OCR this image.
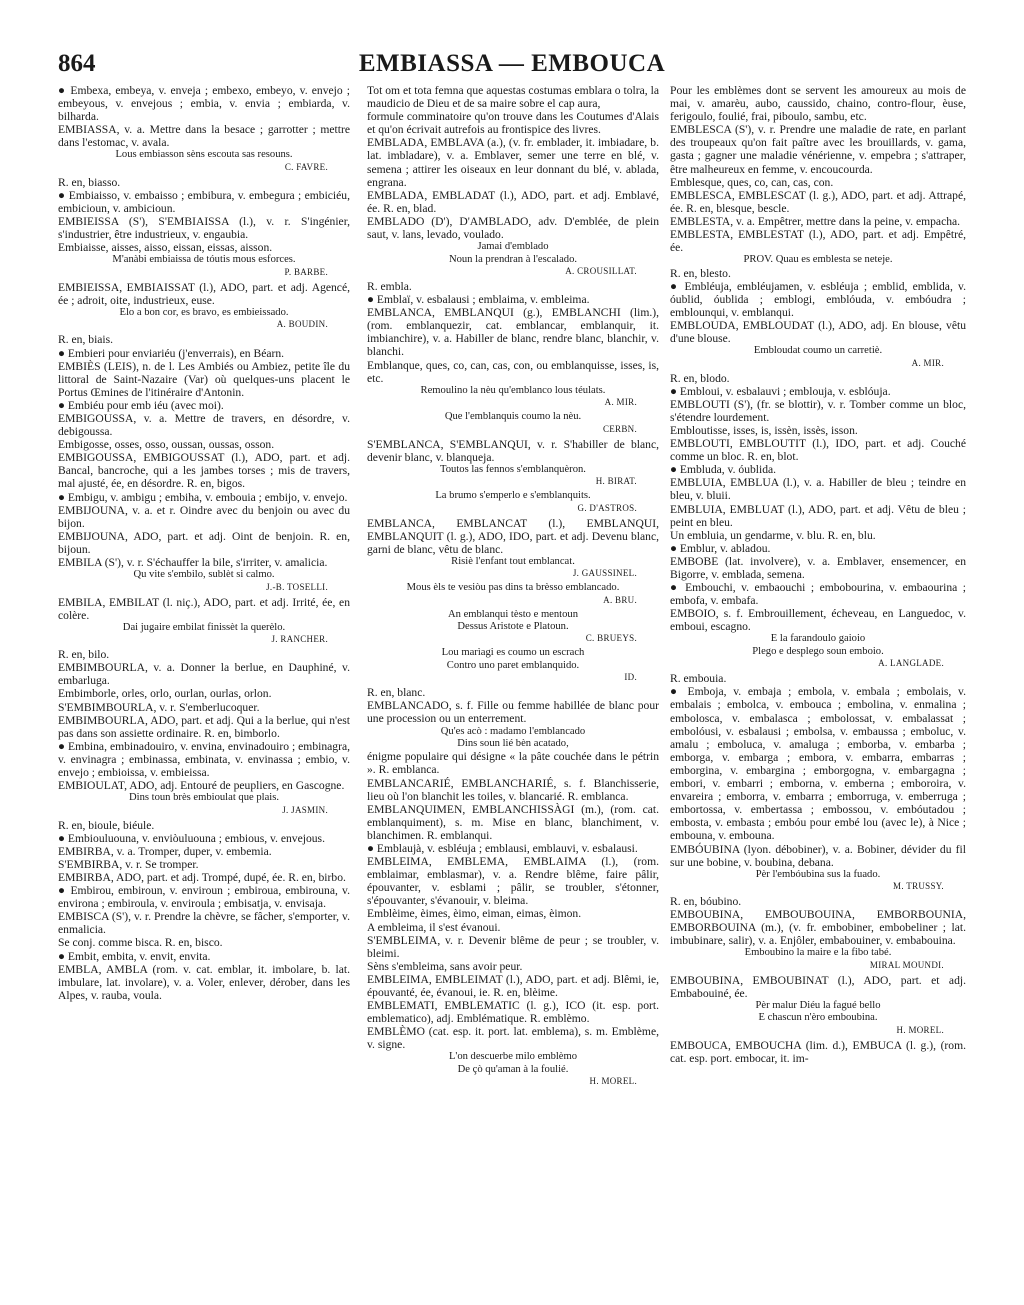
864	EMBIASSA — EMBOUCA
● Embexa, embeya, v. enveja ; embexo, embeyo, v. envejo ; embeyous, v. envejous ; embia, v. envia ; embiarda, v. bilharda.
EMBIASSA, v. a. Mettre dans la besace ; garrotter ; mettre dans l'estomac, v. avala.
Lous embiasson sèns escouta sas resouns.
C. FAVRE.
R. en, biasso.
● Embiaisso, v. embaisso ; embibura, v. embegura ; embiciéu, embicioun, v. ambicioun.
EMBIEISSA (S'), S'EMBIAISSA (l.), v. r. S'ingénier, s'industrier, être industrieux, v. engaubia.
Embiaisse, aisses, aisso, eissan, eissas, aisson.
M'anàbi embiaissa de tóutis mous esforces.
P. BARBE.
EMBIEISSA, EMBIAISSAT (l.), ADO, part. et adj. Agencé, ée ; adroit, oite, industrieux, euse.
Elo a bon cor, es bravo, es embieissado.
A. BOUDIN.
R. en, biais.
● Embieri pour enviariéu (j'enverrais), en Béarn.
EMBIÈS (LEIS), n. de l. Les Ambiés ou Ambiez, petite île du littoral de Saint-Nazaire (Var) où quelques-uns placent le Portus Œmines de l'itinéraire d'Antonin.
● Embiéu pour emb iéu (avec moi).
EMBIGOUSSA, v. a. Mettre de travers, en désordre, v. debigoussa.
Embigosse, osses, osso, oussan, oussas, osson.
EMBIGOUSSA, EMBIGOUSSAT (l.), ADO, part. et adj. Bancal, bancroche, qui a les jambes torses ; mis de travers, mal ajusté, ée, en désordre. R. en, bigos.
● Embigu, v. ambigu ; embiha, v. embouia ; embijo, v. envejo.
EMBIJOUNA, v. a. et r. Oindre avec du benjoin ou avec du bijon.
EMBIJOUNA, ADO, part. et adj. Oint de benjoin. R. en, bijoun.
EMBILA (S'), v. r. S'échauffer la bile, s'irriter, v. amalicia.
Qu vite s'embilo, sublèt si calmo.
J.-B. TOSELLI.
EMBILA, EMBILAT (l. niç.), ADO, part. et adj. Irrité, ée, en colère.
Dai jugaire embilat finissèt la querèlo.
J. RANCHER.
R. en, bilo.
EMBIMBOURLA, v. a. Donner la berlue, en Dauphiné, v. embarluga.
Embimborle, orles, orlo, ourlan, ourlas, orlon.
S'EMBIMBOURLA, v. r. S'emberlucoquer.
EMBIMBOURLA, ADO, part. et adj. Qui a la berlue, qui n'est pas dans son assiette ordinaire. R. en, bimborlo.
● Embina, embinadouiro, v. envina, envinadouiro ; embinagra, v. envinagra ; embinassa, embinata, v. envinassa ; embio, v. envejo ; embioissa, v. embieissa.
EMBIOULAT, ADO, adj. Entouré de peupliers, en Gascogne.
Dins toun brès embioulat que plais.
J. JASMIN.
R. en, bioule, biéule.
● Embiouluouna, v. enviòuluouna ; embious, v. envejous.
EMBIRBA, v. a. Tromper, duper, v. embemia.
S'EMBIRBA, v. r. Se tromper.
EMBIRBA, ADO, part. et adj. Trompé, dupé, ée. R. en, birbo.
● Embirou, embiroun, v. enviroun ; embiroua, embirouna, v. environa ; embiroula, v. enviroula ; embisatja, v. envisaja.
EMBISCA (S'), v. r. Prendre la chèvre, se fâcher, s'emporter, v. enmalicia.
Se conj. comme bisca. R. en, bisco.
● Embit, embita, v. envit, envita.
EMBLA, AMBLA (rom. v. cat. emblar, it. imbolare, b. lat. imbulare, lat. involare), v. a. Voler, enlever, dérober, dans les Alpes, v. rauba, voula.
Tot om et tota femna que aquestas costumas emblara o tolra, la maudicio de Dieu et de sa maire sobre el cap aura,
formule comminatoire qu'on trouve dans les Coutumes d'Alais et qu'on écrivait autrefois au frontispice des livres.
EMBLADA, EMBLAVA (a.), (v. fr. emblader, it. imbiadare, b. lat. imbladare), v. a. Emblaver, semer une terre en blé, v. semena ; attirer les oiseaux en leur donnant du blé, v. ablada, engrana.
EMBLADA, EMBLADAT (l.), ADO, part. et adj. Emblavé, ée. R. en, blad.
EMBLADO (D'), D'AMBLADO, adv. D'emblée, de plein saut, v. lans, levado, voulado.
Jamai d'emblado
Noun la prendran à l'escalado.
A. CROUSILLAT.
R. embla.
● Emblaï, v. esbalausi ; emblaima, v. embleima.
EMBLANCA, EMBLANQUI (g.), EMBLANCHI (lim.), (rom. emblanquezir, cat. emblancar, emblanquir, it. imbianchire), v. a. Habiller de blanc, rendre blanc, blanchir, v. blanchi.
Emblanque, ques, co, can, cas, con, ou emblanquisse, isses, is, etc.
Remoulino la nèu qu'emblanco lous téulats.
A. MIR.
Que l'emblanquis coumo la nèu.
CERBN.
S'EMBLANCA, S'EMBLANQUI, v. r. S'habiller de blanc, devenir blanc, v. blanqueja.
Toutos las fennos s'emblanquèron.
H. BIRAT.
La brumo s'emperlo e s'emblanquits.
G. D'ASTROS.
EMBLANCA, EMBLANCAT (l.), EMBLANQUI, EMBLANQUIT (l. g.), ADO, IDO, part. et adj. Devenu blanc, garni de blanc, vêtu de blanc.
Risiè l'enfant tout emblancat.
J. GAUSSINEL.
Mous èls te vesiòu pas dins ta brèsso emblancado.
A. BRU.
An emblanqui tèsto e mentoun
Dessus Aristote e Platoun.
C. BRUEYS.
Lou marìagi es coumo un escrach
Contro uno paret emblanquido.
ID.
R. en, blanc.
EMBLANCADO, s. f. Fille ou femme habillée de blanc pour une procession ou un enterrement.
Qu'es acò : madamo l'emblancado
Dins soun lié bèn acatado,
énigme populaire qui désigne « la pâte couchée dans le pétrin ». R. emblanca.
EMBLANCARIÉ, EMBLANCHARIÉ, s. f. Blanchisserie, lieu où l'on blanchit les toiles, v. blancarié. R. emblanca.
EMBLANQUIMEN, EMBLANCHISSÀGI (m.), (rom. cat. emblanquiment), s. m. Mise en blanc, blanchiment, v. blanchimen. R. emblanqui.
● Emblaujà, v. esbléuja ; emblausi, emblauvi, v. esbalausi.
EMBLEIMA, EMBLEMA, EMBLAIMA (l.), (rom. emblaimar, emblasmar), v. a. Rendre blême, faire pâlir, épouvanter, v. esblami ; pâlir, se troubler, s'étonner, s'épouvanter, s'évanouir, v. bleima.
Emblèime, èimes, èimo, eiman, eimas, èimon.
A embleima, il s'est évanoui.
S'EMBLEIMA, v. r. Devenir blême de peur ; se troubler, v. bleimi.
Sèns s'embleima, sans avoir peur.
EMBLEIMA, EMBLEIMAT (l.), ADO, part. et adj. Blêmi, ie, épouvanté, ée, évanoui, ie. R. en, blèime.
EMBLEMATI, EMBLEMATIC (l. g.), ICO (it. esp. port. emblematico), adj. Emblématique. R. emblèmo.
EMBLÈMO (cat. esp. it. port. lat. emblema), s. m. Emblème, v. signe.
L'on descuerbe milo emblèmo
De çò qu'aman à la foulié.
H. MOREL.
Pour les emblèmes dont se servent les amoureux au mois de mai, v. amarèu, aubo, caussido, chaino, contro-flour, èuse, ferigoulo, foulié, frai, piboulo, sambu, etc.
EMBLESCA (S'), v. r. Prendre une maladie de rate, en parlant des troupeaux qu'on fait paître avec les brouillards, v. gama, gasta ; gagner une maladie vénérienne, v. empebra ; s'attraper, être malheureux en femme, v. encoucourda.
Emblesque, ques, co, can, cas, con.
EMBLESCA, EMBLESCAT (l. g.), ADO, part. et adj. Attrapé, ée. R. en, blesque, bescle.
EMBLESTA, v. a. Empêtrer, mettre dans la peine, v. empacha.
EMBLESTA, EMBLESTAT (l.), ADO, part. et adj. Empêtré, ée.
PROV. Quau es emblesta se neteje.
R. en, blesto.
● Embléuja, embléujamen, v. esbléuja ; emblid, emblida, v. óublid, óublida ; emblogi, emblóuda, v. embóudra ; emblounqui, v. emblanqui.
EMBLOUDA, EMBLOUDAT (l.), ADO, adj. En blouse, vêtu d'une blouse.
Embloudat coumo un carretiè.
A. MIR.
R. en, blodo.
● Embloui, v. esbalauvi ; emblouja, v. esblóuja.
EMBLOUTI (S'), (fr. se blottir), v. r. Tomber comme un bloc, s'étendre lourdement.
Embloutisse, isses, is, issèn, issès, isson.
EMBLOUTI, EMBLOUTIT (l.), IDO, part. et adj. Couché comme un bloc. R. en, blot.
● Embluda, v. óublida.
EMBLUIA, EMBLUA (l.), v. a. Habiller de bleu ; teindre en bleu, v. bluii.
EMBLUIA, EMBLUAT (l.), ADO, part. et adj. Vêtu de bleu ; peint en bleu.
Un embluia, un gendarme, v. blu. R. en, blu.
● Emblur, v. abladou.
EMBOBE (lat. involvere), v. a. Emblaver, ensemencer, en Bigorre, v. emblada, semena.
● Embouchi, v. embaouchi ; embobourina, v. embaourina ; embofa, v. embafa.
EMBOIO, s. f. Embrouillement, écheveau, en Languedoc, v. emboui, escagno.
E la farandoulo gaioio
Plego e desplego soun emboio.
A. LANGLADE.
R. embouia.
● Emboja, v. embaja ; embola, v. embala ; embolais, v. embalais ; embolca, v. embouca ; embolina, v. enmalina ; embolosca, v. embalasca ; embolossat, v. embalassat ; embolóusi, v. esbalausi ; embolsa, v. embaussa ; emboluc, v. amalu ; emboluca, v. amaluga ; emborba, v. embarba ; emborga, v. embarga ; embora, v. embarra, embarras ; emborgina, v. embargina ; emborgogna, v. embargagna ; embori, v. embarri ; emborna, v. emberna ; emboroira, v. envareira ; emborra, v. embarra ; emborruga, v. emberruga ; embortossa, v. embertassa ; embossou, v. embóutadou ; embosta, v. embasta ; embóu pour embé lou (avec le), à Nice ; embouna, v. embouna.
EMBÓUBINA (lyon. débobiner), v. a. Bobiner, dévider du fil sur une bobine, v. boubina, debana.
Pèr l'embóubina sus la fuado.
M. TRUSSY.
R. en, bóubino.
EMBOUBINA, EMBOUBOUINA, EMBORBOUNIA, EMBORBOUINA (m.), (v. fr. embobiner, embobeliner ; lat. imbubinare, salir), v. a. Enjôler, embabouiner, v. embabouina.
Emboubino la maire e la fibo tabé.
MIRAL MOUNDI.
EMBOUBINA, EMBOUBINAT (l.), ADO, part. et adj. Embabouiné, ée.
Pèr malur Diéu la fagué bello
E chascun n'èro emboubina.
H. MOREL.
EMBOUCA, EMBOUCHA (lim. d.), EMBUCA (l. g.), (rom. cat. esp. port. embocar, it. im-
